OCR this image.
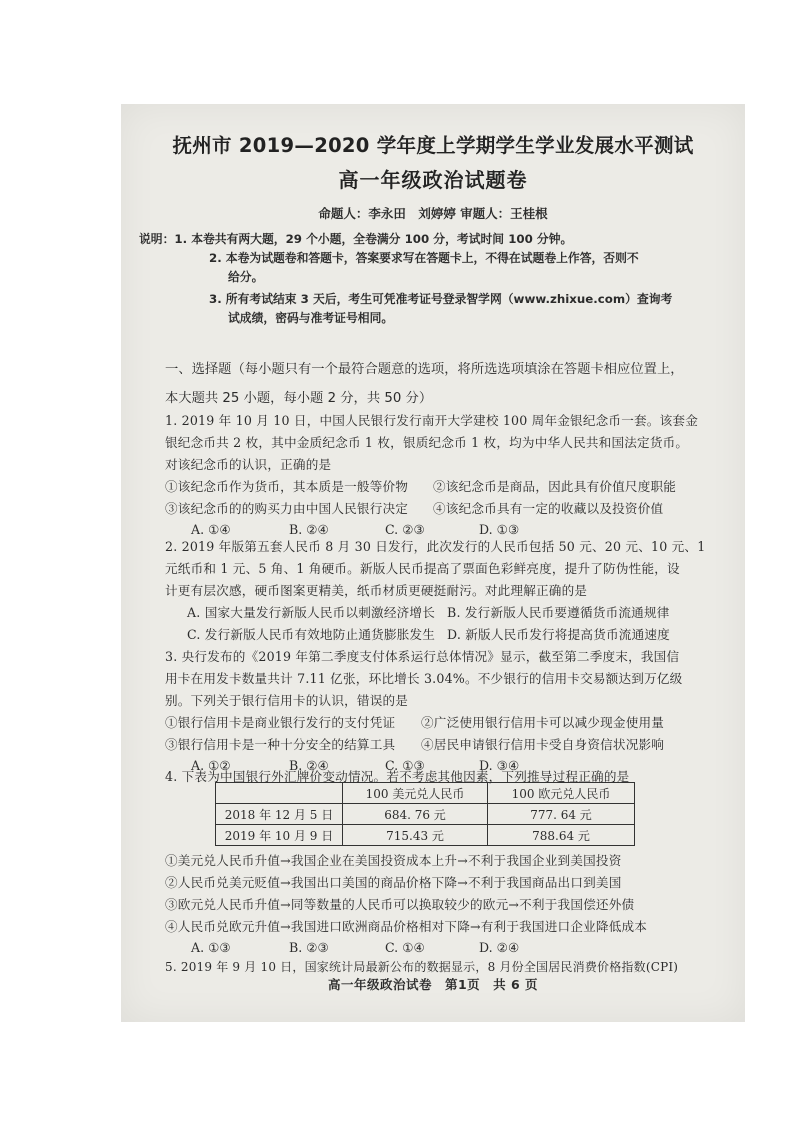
抚州市 2019—2020 学年度上学期学生学业发展水平测试
高一年级政治试题卷
命题人：李永田　刘婷婷 审题人：王桂根
说明：1. 本卷共有两大题，29 个小题，全卷满分 100 分，考试时间 100 分钟。
2. 本卷为试题卷和答题卡，答案要求写在答题卡上，不得在试题卷上作答，否则不
给分。
3. 所有考试结束 3 天后，考生可凭准考证号登录智学网（www.zhixue.com）查询考
试成绩，密码与准考证号相同。
一、选择题（每小题只有一个最符合题意的选项，将所选选项填涂在答题卡相应位置上，
本大题共 25 小题，每小题 2 分，共 50 分）
1. 2019 年 10 月 10 日，中国人民银行发行南开大学建校 100 周年金银纪念币一套。该套金
银纪念币共 2 枚，其中金质纪念币 1 枚，银质纪念币 1 枚，均为中华人民共和国法定货币。
对该纪念币的认识，正确的是
①该纪念币作为货币，其本质是一般等价物 ②该纪念币是商品，因此具有价值尺度职能
③该纪念币的的购买力由中国人民银行决定 ④该纪念币具有一定的收藏以及投资价值
A. ①④	B. ②④	C. ②③	D. ①③
2. 2019 年版第五套人民币 8 月 30 日发行，此次发行的人民币包括 50 元、20 元、10 元、1
元纸币和 1 元、5 角、1 角硬币。新版人民币提高了票面色彩鲜亮度，提升了防伪性能，设
计更有层次感，硬币图案更精美，纸币材质更硬挺耐污。对此理解正确的是
A. 国家大量发行新版人民币以刺激经济增长 B. 发行新版人民币要遵循货币流通规律
C. 发行新版人民币有效地防止通货膨胀发生 D. 新版人民币发行将提高货币流通速度
3. 央行发布的《2019 年第二季度支付体系运行总体情况》显示，截至第二季度末，我国信
用卡在用发卡数量共计 7.11 亿张，环比增长 3.04%。不少银行的信用卡交易额达到万亿级
别。下列关于银行信用卡的认识，错误的是
①银行信用卡是商业银行发行的支付凭证 ②广泛使用银行信用卡可以减少现金使用量
③银行信用卡是一种十分安全的结算工具 ④居民申请银行信用卡受自身资信状况影响
A. ①②	B. ②④	C. ①③	D. ③④
4. 下表为中国银行外汇牌价变动情况。若不考虑其他因素，下列推导过程正确的是
	100 美元兑人民币	100 欧元兑人民币
2018 年 12 月 5 日	684. 76 元	777. 64 元
2019 年 10 月 9 日	715.43 元	788.64 元
①美元兑人民币升值→我国企业在美国投资成本上升→不利于我国企业到美国投资
②人民币兑美元贬值→我国出口美国的商品价格下降→不利于我国商品出口到美国
③欧元兑人民币升值→同等数量的人民币可以换取较少的欧元→不利于我国偿还外债
④人民币兑欧元升值→我国进口欧洲商品价格相对下降→有利于我国进口企业降低成本
A. ①③	B. ②③	C. ①④	D. ②④
5. 2019 年 9 月 10 日，国家统计局最新公布的数据显示，8 月份全国居民消费价格指数(CPI)
高一年级政治试卷　第1页　共 6 页
